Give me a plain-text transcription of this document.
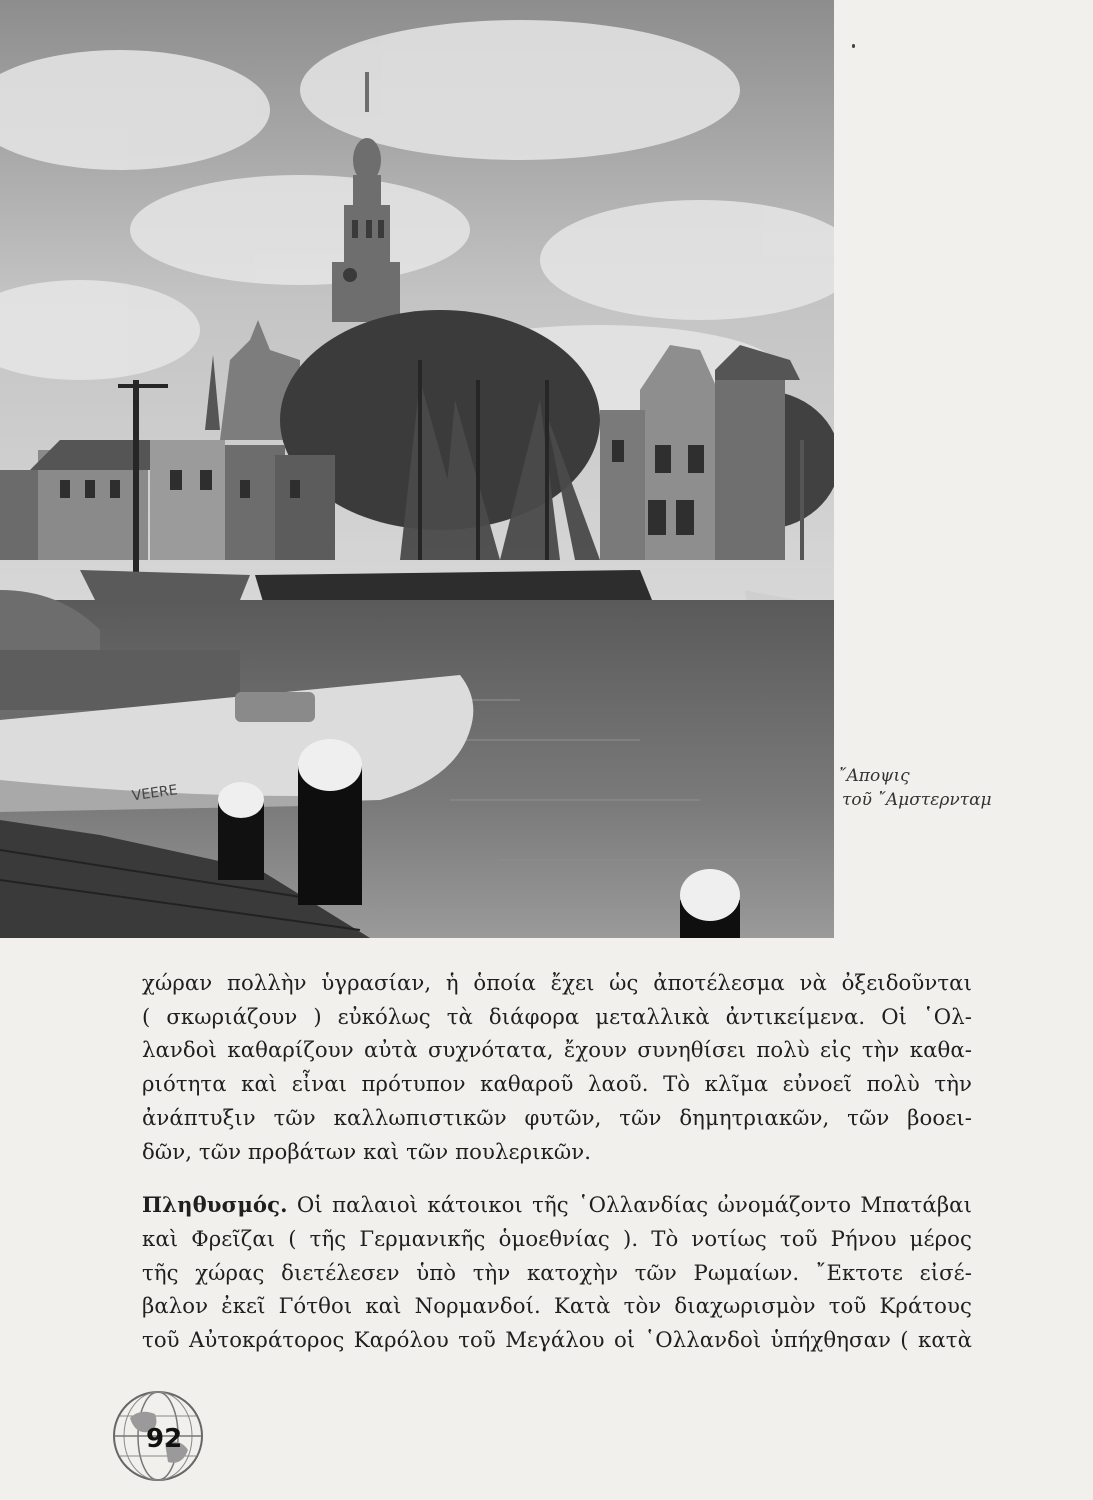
VEERE
῎Αποψις
τοῦ ῎Αμστερνταμ

χώραν πολλὴν ὑγρασίαν, ἡ ὁποία ἔχει ὡς ἀποτέλεσμα νὰ ὀξειδοῦνται

( σκωριάζουν ) εὐκόλως τὰ διάφορα μεταλλικὰ ἀντικείμενα. Οἱ ῾Ολ-

λανδοὶ καθαρίζουν αὐτὰ συχνότατα, ἔχουν συνηθίσει πολὺ εἰς τὴν καθα-

ριότητα καὶ εἶναι πρότυπον καθαροῦ λαοῦ. Τὸ κλῖμα εὐνοεῖ πολὺ τὴν

ἀνάπτυξιν τῶν καλλωπιστικῶν φυτῶν, τῶν δημητριακῶν, τῶν βοοει-

δῶν, τῶν προβάτων καὶ τῶν πουλερικῶν.

Πληθυσμός. Οἱ παλαιοὶ κάτοικοι τῆς ῾Ολλανδίας ὠνομάζοντο Μπατάβαι

καὶ Φρεῖζαι ( τῆς Γερμανικῆς ὁμοεθνίας ). Τὸ νοτίως τοῦ Ρήνου μέρος

τῆς χώρας διετέλεσεν ὑπὸ τὴν κατοχὴν τῶν Ρωμαίων. ῎Εκτοτε εἰσέ-

βαλον ἐκεῖ Γότθοι καὶ Νορμανδοί. Κατὰ τὸν διαχωρισμὸν τοῦ Κράτους

τοῦ Αὐτοκράτορος Καρόλου τοῦ Μεγάλου οἱ ῾Ολλανδοὶ ὑπήχθησαν ( κατὰ

92
